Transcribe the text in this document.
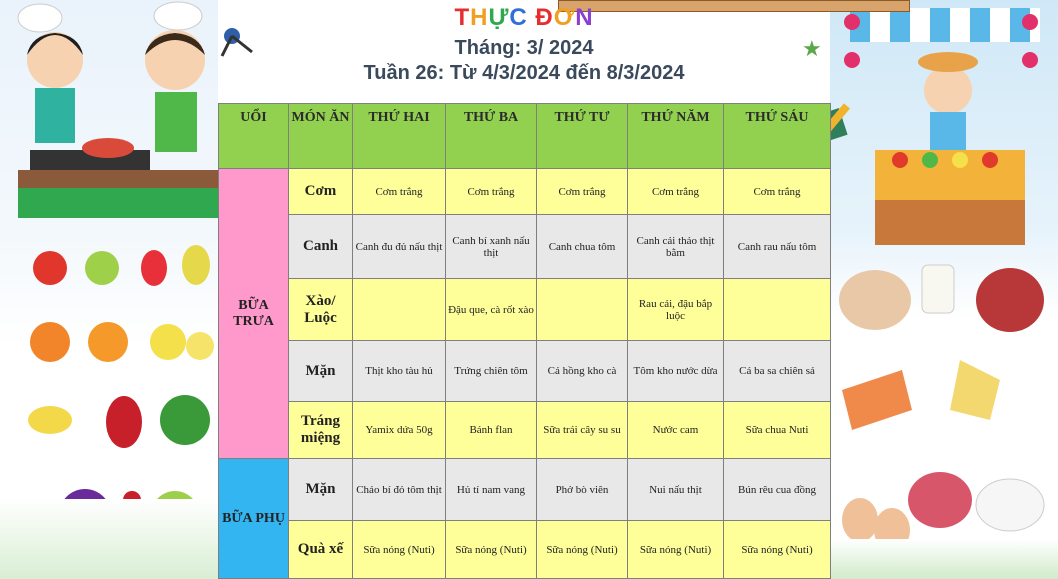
THỰC ĐƠN
Tháng: 3/ 2024
Tuần 26: Từ 4/3/2024 đến 8/3/2024
★
UỔI	MÓN ĂN	THỨ HAI	THỨ BA	THỨ TƯ	THỨ NĂM	THỨ SÁU
BỮA TRƯA	Cơm	Cơm trắng	Cơm trắng	Cơm trắng	Cơm trắng	Cơm trắng
	Canh	Canh đu đủ nấu thịt	Canh bí xanh nấu thịt	Canh chua tôm	Canh cải thảo thịt bằm	Canh rau nấu tôm
	Xào/ Luộc		Đậu que, cà rốt xào		Rau cải, đậu bắp luộc	
	Mặn	Thịt kho tàu hủ	Trứng chiên tôm	Cá hồng kho cà	Tôm kho nước dừa	Cá ba sa chiên sả
	Tráng miệng	Yamix dứa 50g	Bánh flan	Sữa trái cây su su	Nước cam	Sữa chua Nuti
BỮA PHỤ	Mặn	Cháo bí đỏ tôm thịt	Hủ tí nam vang	Phở bò viên	Nui nấu thịt	Bún rêu cua đồng
	Quà xế	Sữa nóng (Nuti)	Sữa nóng (Nuti)	Sữa nóng (Nuti)	Sữa nóng (Nuti)	Sữa nóng (Nuti)
